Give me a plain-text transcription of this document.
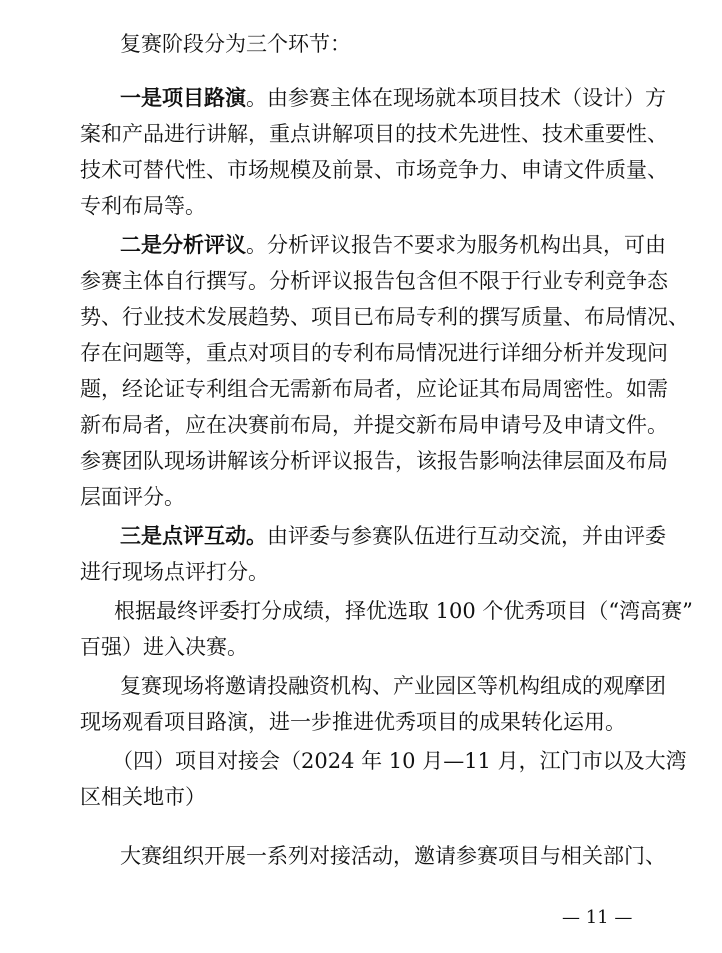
复赛阶段分为三个环节：

一是项目路演。由参赛主体在现场就本项目技术（设计）方

案和产品进行讲解，重点讲解项目的技术先进性、技术重要性、

技术可替代性、市场规模及前景、市场竞争力、申请文件质量、

专利布局等。

二是分析评议。分析评议报告不要求为服务机构出具，可由

参赛主体自行撰写。分析评议报告包含但不限于行业专利竞争态

势、行业技术发展趋势、项目已布局专利的撰写质量、布局情况、

存在问题等，重点对项目的专利布局情况进行详细分析并发现问

题，经论证专利组合无需新布局者，应论证其布局周密性。如需

新布局者，应在决赛前布局，并提交新布局申请号及申请文件。

参赛团队现场讲解该分析评议报告，该报告影响法律层面及布局

层面评分。

三是点评互动。由评委与参赛队伍进行互动交流，并由评委

进行现场点评打分。

根据最终评委打分成绩，择优选取 100 个优秀项目（“湾高赛”

百强）进入决赛。

复赛现场将邀请投融资机构、产业园区等机构组成的观摩团

现场观看项目路演，进一步推进优秀项目的成果转化运用。

（四）项目对接会（2024 年 10 月—11 月，江门市以及大湾

区相关地市）

大赛组织开展一系列对接活动，邀请参赛项目与相关部门、

— 11 —
